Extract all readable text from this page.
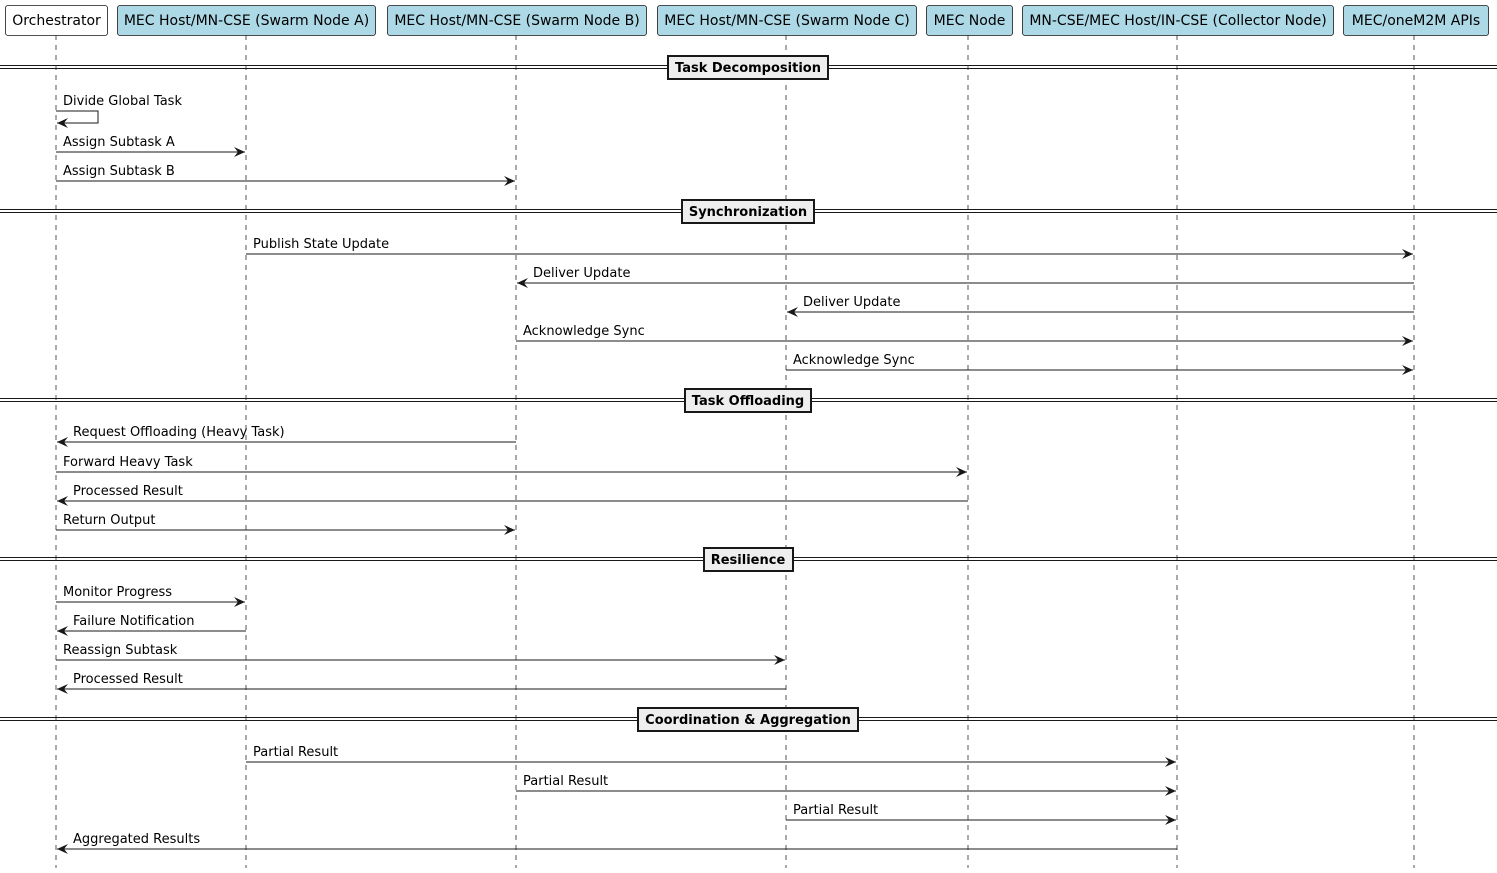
Task Decomposition
Synchronization
Task Offloading
Resilience
Coordination & Aggregation
Divide Global Task
Assign Subtask A
Assign Subtask B
Publish State Update
Deliver Update
Deliver Update
Acknowledge Sync
Acknowledge Sync
Request Offloading (Heavy Task)
Forward Heavy Task
Processed Result
Return Output
Monitor Progress
Failure Notification
Reassign Subtask
Processed Result
Partial Result
Partial Result
Partial Result
Aggregated Results
Orchestrator MEC Host/MN-CSE (Swarm Node A) MEC Host/MN-CSE (Swarm Node B) MEC Host/MN-CSE (Swarm Node C) MEC Node MN-CSE/MEC Host/IN-CSE (Collector Node) MEC/oneM2M APIs
